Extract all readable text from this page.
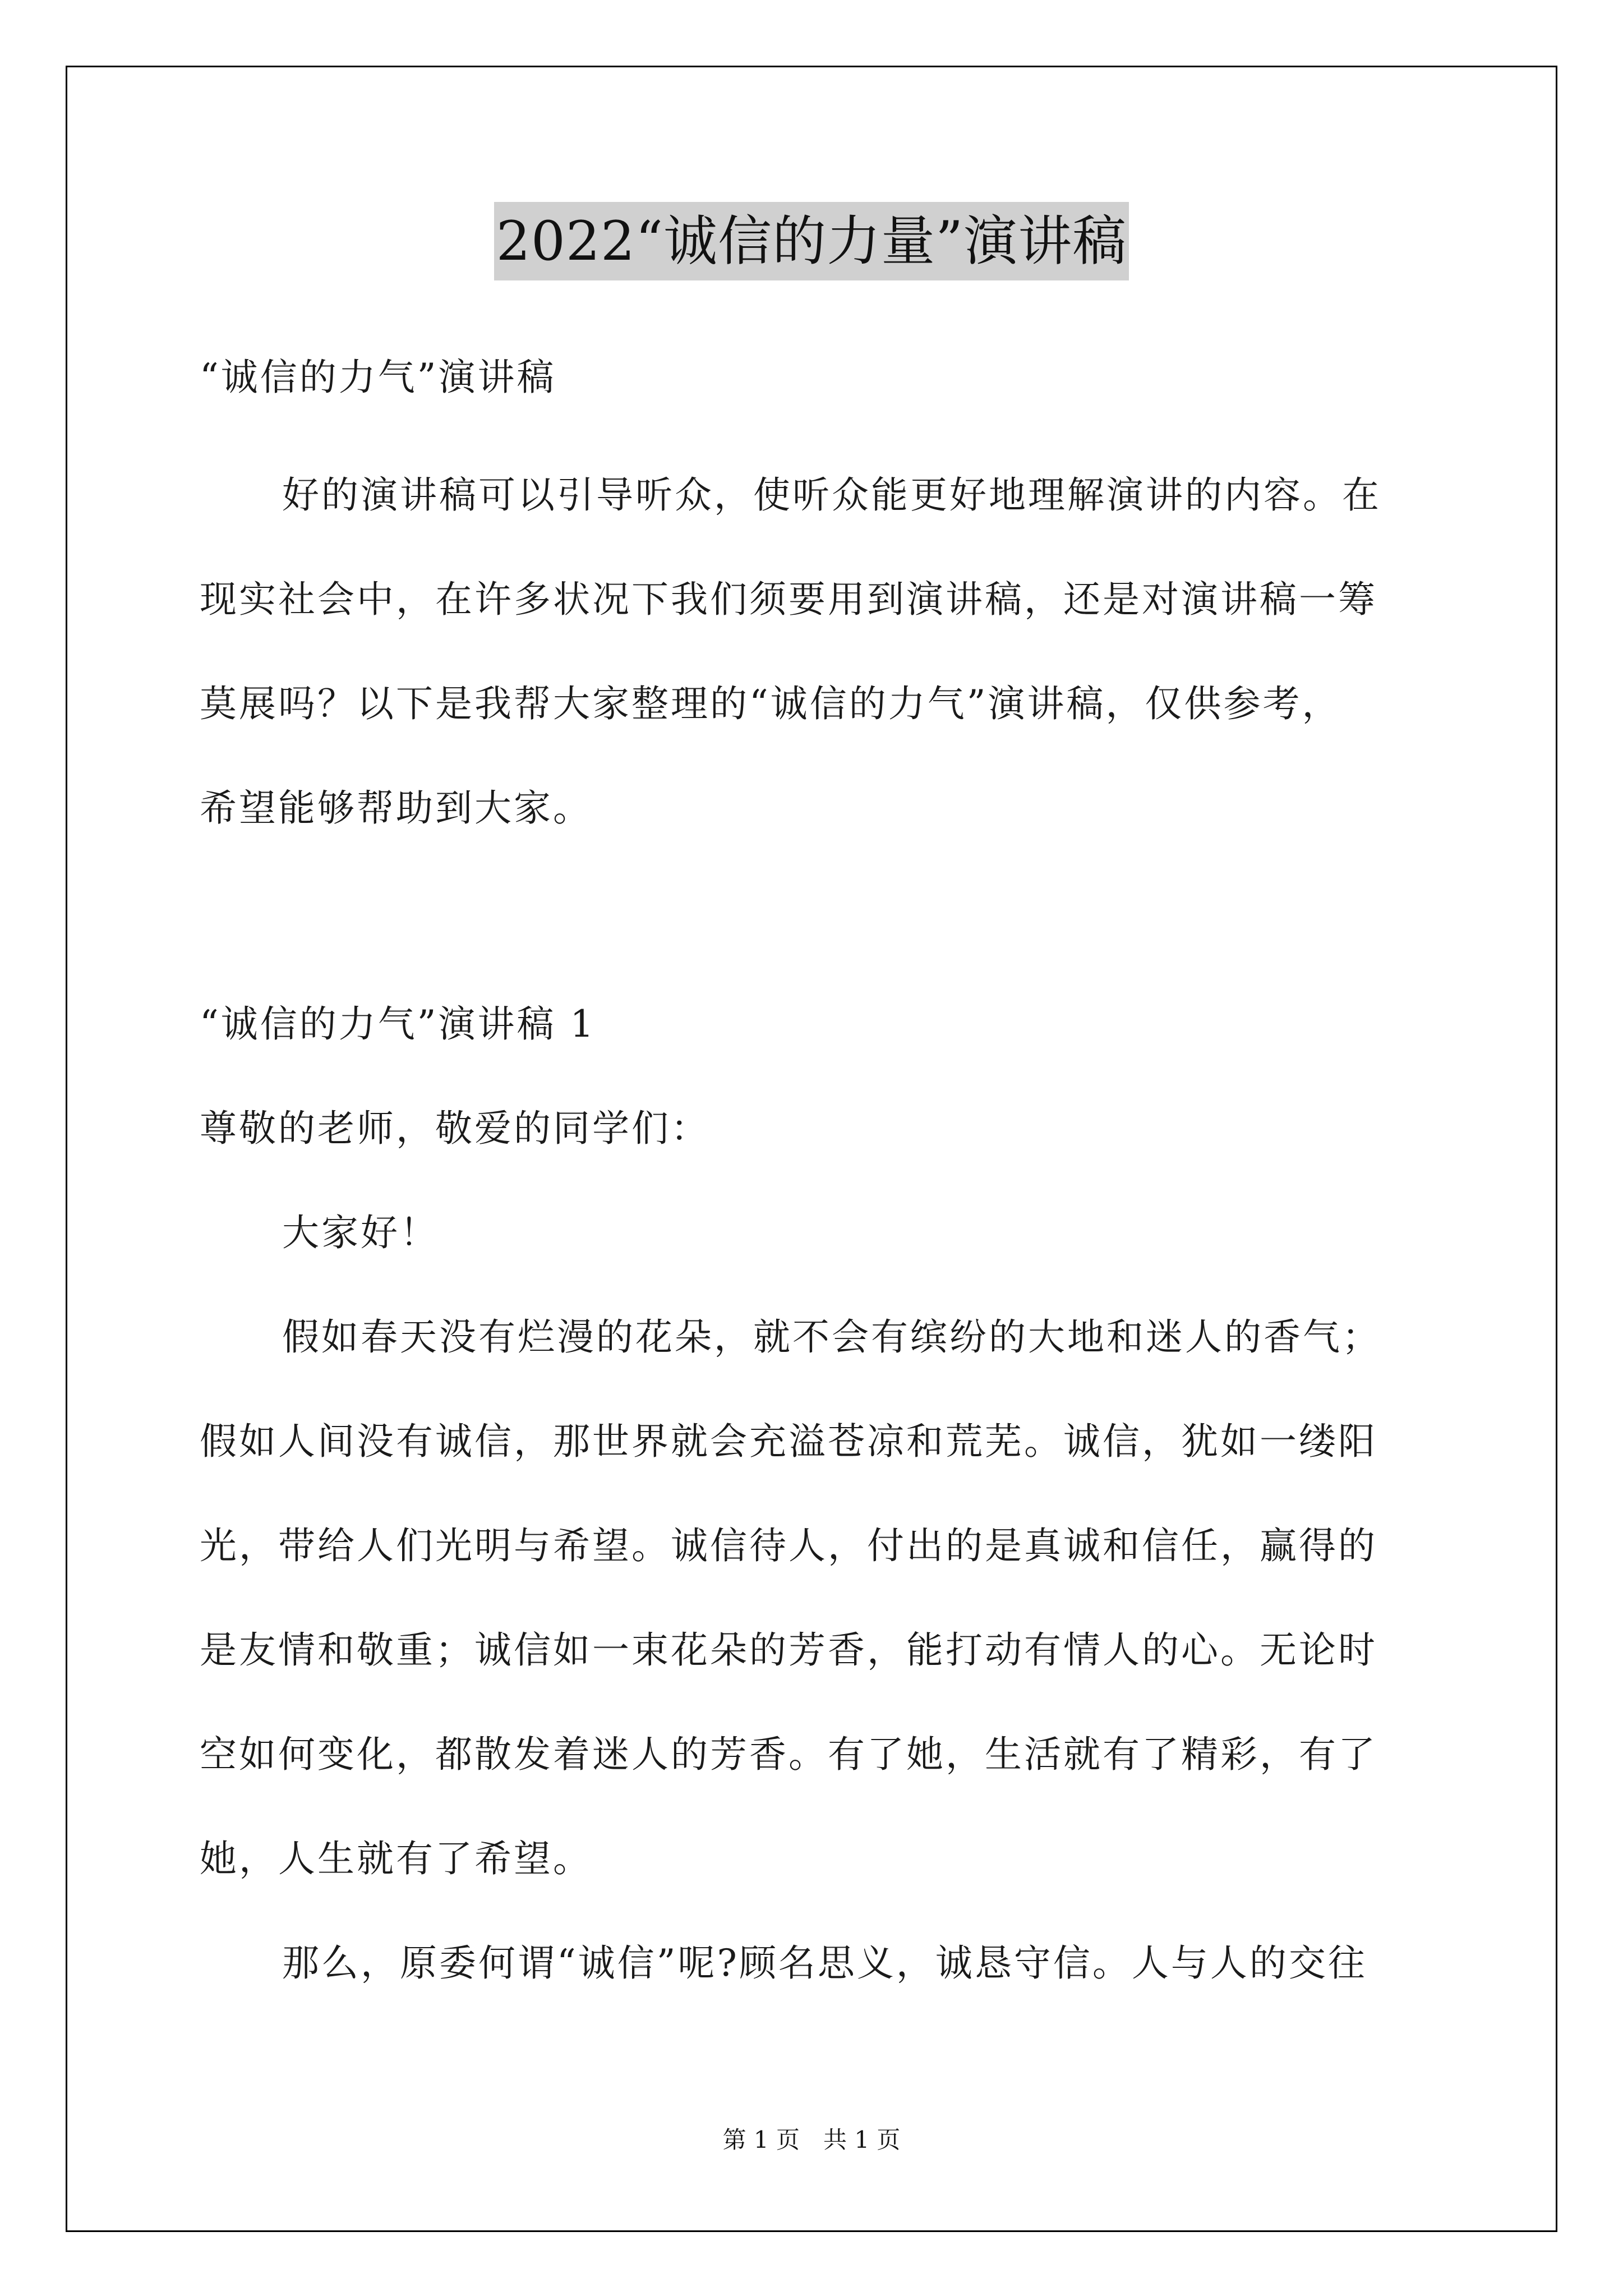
2022“诚信的力量”演讲稿

“诚信的力气”演讲稿

好的演讲稿可以引导听众，使听众能更好地理解演讲的内容。在

现实社会中，在许多状况下我们须要用到演讲稿，还是对演讲稿一筹

莫展吗？以下是我帮大家整理的“诚信的力气”演讲稿，仅供参考，

希望能够帮助到大家。

“诚信的力气”演讲稿 1

尊敬的老师，敬爱的同学们：

大家好！

假如春天没有烂漫的花朵，就不会有缤纷的大地和迷人的香气；

假如人间没有诚信，那世界就会充溢苍凉和荒芜。诚信，犹如一缕阳

光，带给人们光明与希望。诚信待人，付出的是真诚和信任，赢得的

是友情和敬重；诚信如一束花朵的芳香，能打动有情人的心。无论时

空如何变化，都散发着迷人的芳香。有了她，生活就有了精彩，有了

她，人生就有了希望。

那么，原委何谓“诚信”呢?顾名思义，诚恳守信。人与人的交往

第 1 页　共 1 页
